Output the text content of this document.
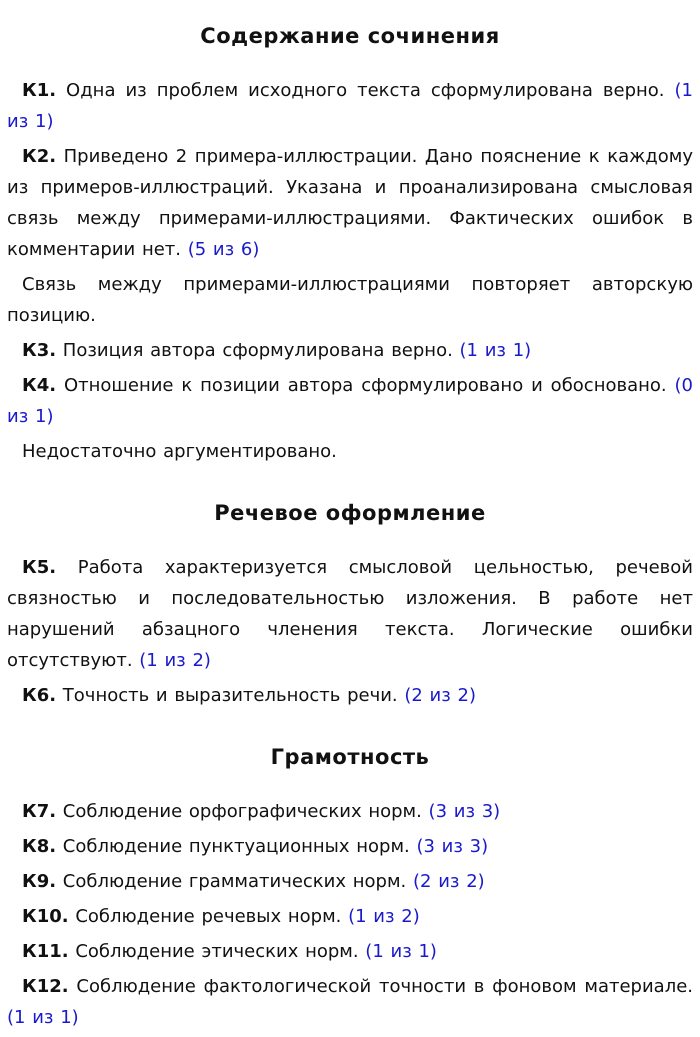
Содержание сочинения

К1. Одна из проблем исходного текста сформулирована верно. (1 из 1)

К2. Приведено 2 примера-иллюстрации. Дано пояснение к каждому из примеров-иллюстраций. Указана и проанализирована смысловая связь между примерами-иллюстрациями. Фактических ошибок в комментарии нет. (5 из 6)

Связь между примерами-иллюстрациями повторяет авторскую позицию.

К3. Позиция автора сформулирована верно. (1 из 1)

К4. Отношение к позиции автора сформулировано и обосновано. (0 из 1)

Недостаточно аргументировано.

Речевое оформление

К5. Работа характеризуется смысловой цельностью, речевой связностью и последовательностью изложения. В работе нет нарушений абзацного членения текста. Логические ошибки отсутствуют. (1 из 2)

К6. Точность и выразительность речи. (2 из 2)

Грамотность

К7. Соблюдение орфографических норм. (3 из 3)

К8. Соблюдение пунктуационных норм. (3 из 3)

К9. Соблюдение грамматических норм. (2 из 2)

К10. Соблюдение речевых норм. (1 из 2)

К11. Соблюдение этических норм. (1 из 1)

К12. Соблюдение фактологической точности в фоновом материале. (1 из 1)
